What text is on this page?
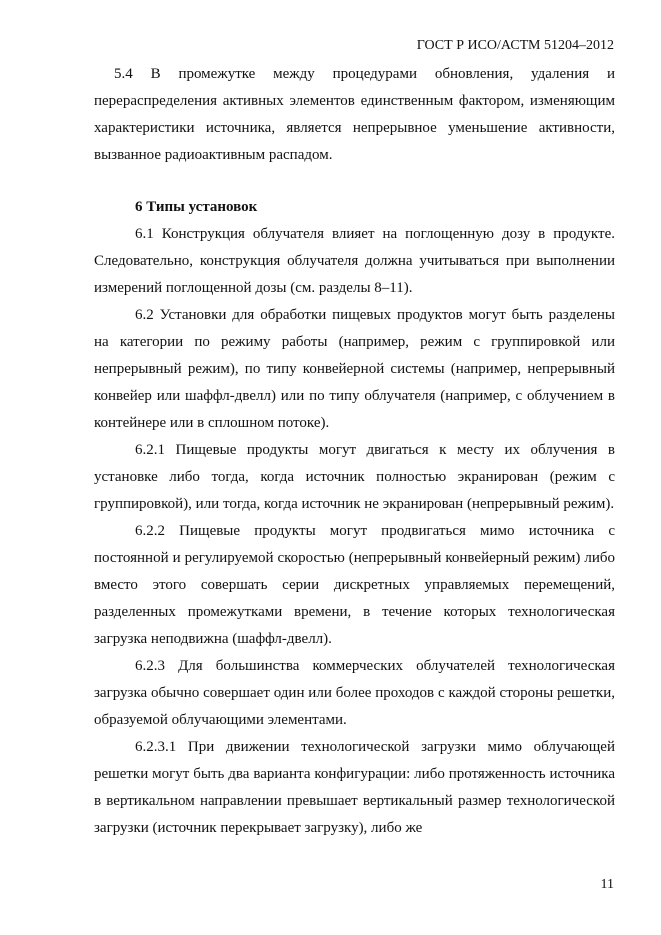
ГОСТ Р ИСО/АСТМ 51204–2012

5.4 В промежутке между процедурами обновления, удаления и перераспределения активных элементов единственным фактором, изменяющим характеристики источника, является непрерывное уменьшение активности, вызванное радиоактивным распадом.

6 Типы установок

6.1 Конструкция облучателя влияет на поглощенную дозу в продукте. Следовательно, конструкция облучателя должна учитываться при выполнении измерений поглощенной дозы (см. разделы 8–11).

6.2 Установки для обработки пищевых продуктов могут быть разделены на категории по режиму работы (например, режим с группировкой или непрерывный режим), по типу конвейерной системы (например, непрерывный конвейер или шаффл-двелл) или по типу облучателя (например, с облучением в контейнере или в сплошном потоке).

6.2.1 Пищевые продукты могут двигаться к месту их облучения в установке либо тогда, когда источник полностью экранирован (режим с группировкой), или тогда, когда источник не экранирован (непрерывный режим).

6.2.2 Пищевые продукты могут продвигаться мимо источника с постоянной и регулируемой скоростью (непрерывный конвейерный режим) либо вместо этого совершать серии дискретных управляемых перемещений, разделенных промежутками времени, в течение которых технологическая загрузка неподвижна (шаффл-двелл).

6.2.3 Для большинства коммерческих облучателей технологическая загрузка обычно совершает один или более проходов с каждой стороны решетки, образуемой облучающими элементами.

6.2.3.1 При движении технологической загрузки мимо облучающей решетки могут быть два варианта конфигурации: либо протяженность источника в вертикальном направлении превышает вертикальный размер технологической загрузки (источник перекрывает загрузку), либо же

11
